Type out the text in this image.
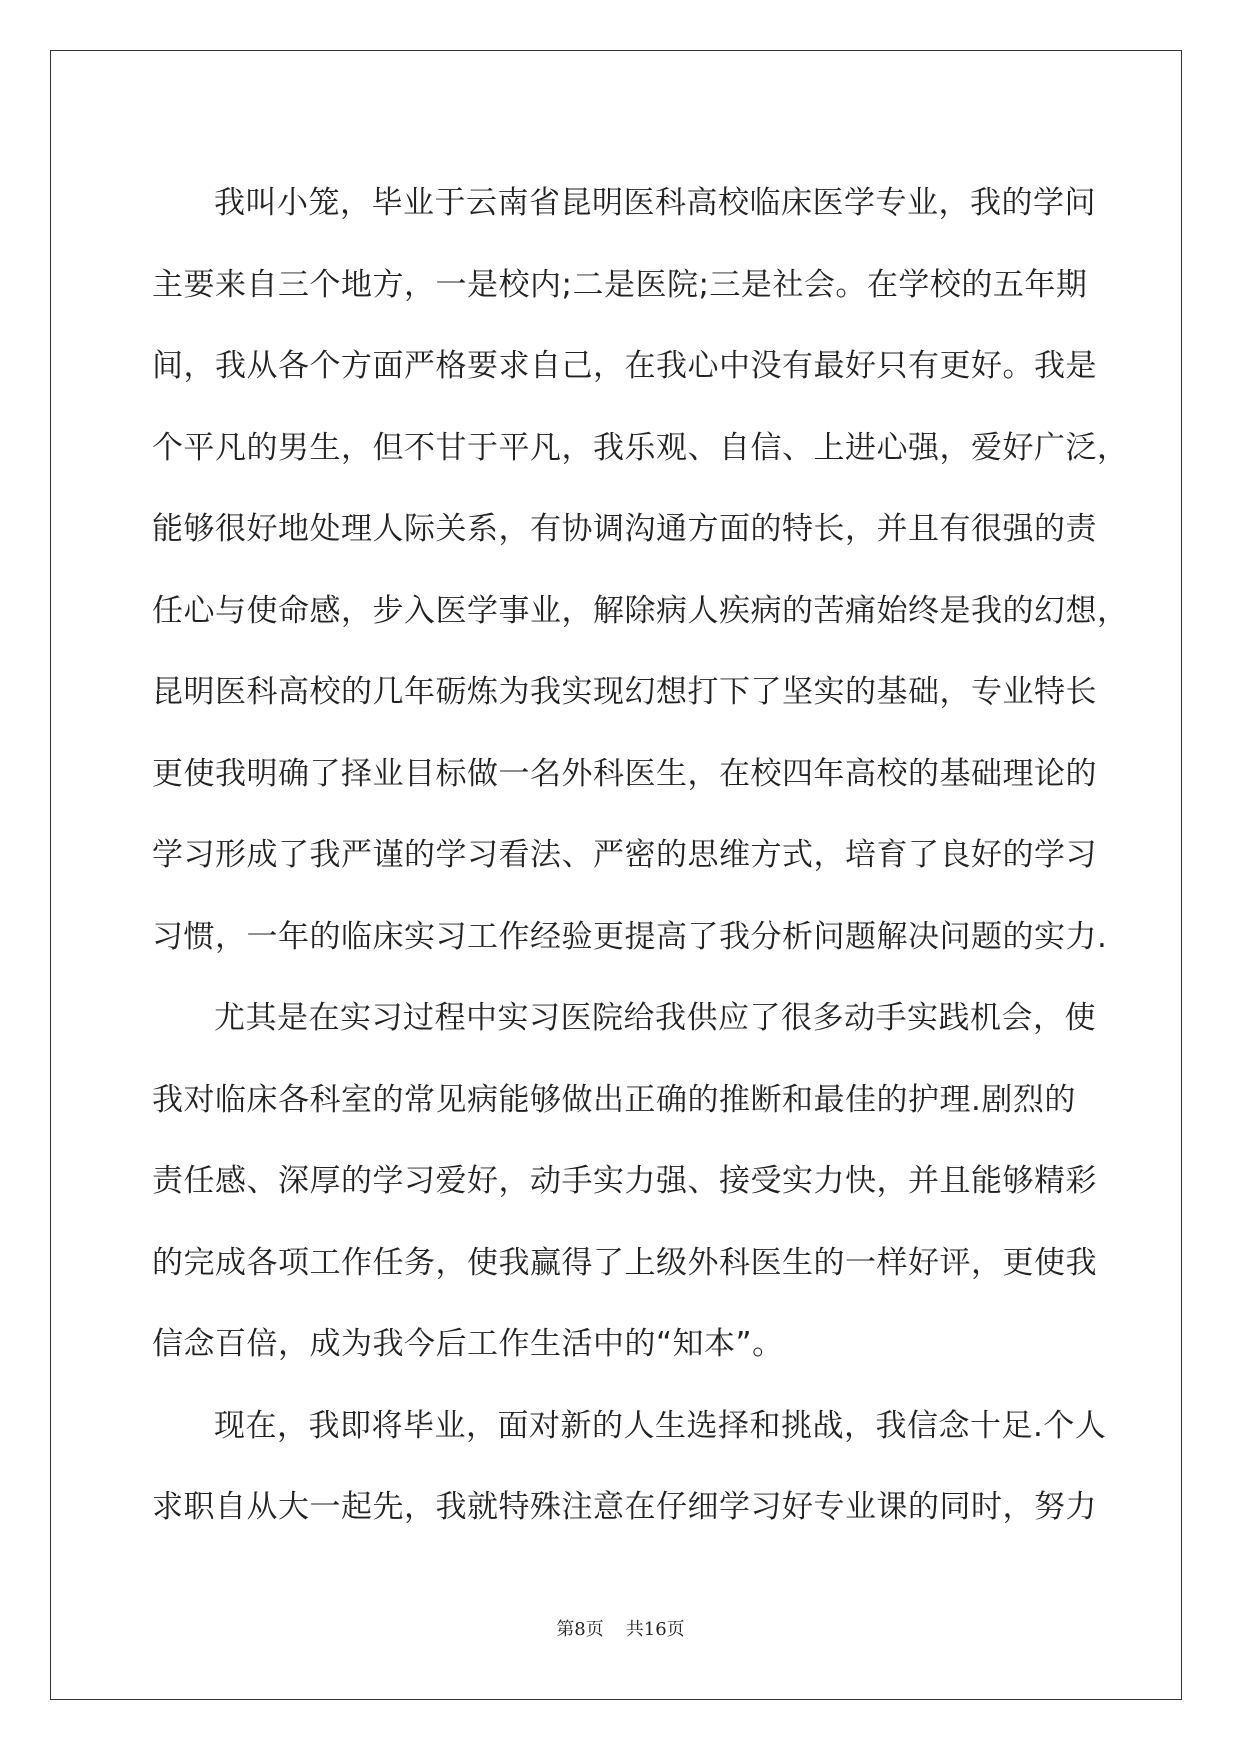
我叫小笼，毕业于云南省昆明医科高校临床医学专业，我的学问
主要来自三个地方，一是校内;二是医院;三是社会。在学校的五年期
间，我从各个方面严格要求自己，在我心中没有最好只有更好。我是
个平凡的男生，但不甘于平凡，我乐观、自信、上进心强，爱好广泛，
能够很好地处理人际关系，有协调沟通方面的特长，并且有很强的责
任心与使命感，步入医学事业，解除病人疾病的苦痛始终是我的幻想，
昆明医科高校的几年砺炼为我实现幻想打下了坚实的基础，专业特长
更使我明确了择业目标做一名外科医生，在校四年高校的基础理论的
学习形成了我严谨的学习看法、严密的思维方式，培育了良好的学习
习惯，一年的临床实习工作经验更提高了我分析问题解决问题的实力.

尤其是在实习过程中实习医院给我供应了很多动手实践机会，使
我对临床各科室的常见病能够做出正确的推断和最佳的护理.剧烈的
责任感、深厚的学习爱好，动手实力强、接受实力快，并且能够精彩
的完成各项工作任务，使我赢得了上级外科医生的一样好评，更使我
信念百倍，成为我今后工作生活中的“知本”。

现在，我即将毕业，面对新的人生选择和挑战，我信念十足.个人
求职自从大一起先，我就特殊注意在仔细学习好专业课的同时，努力

第8页 共16页
